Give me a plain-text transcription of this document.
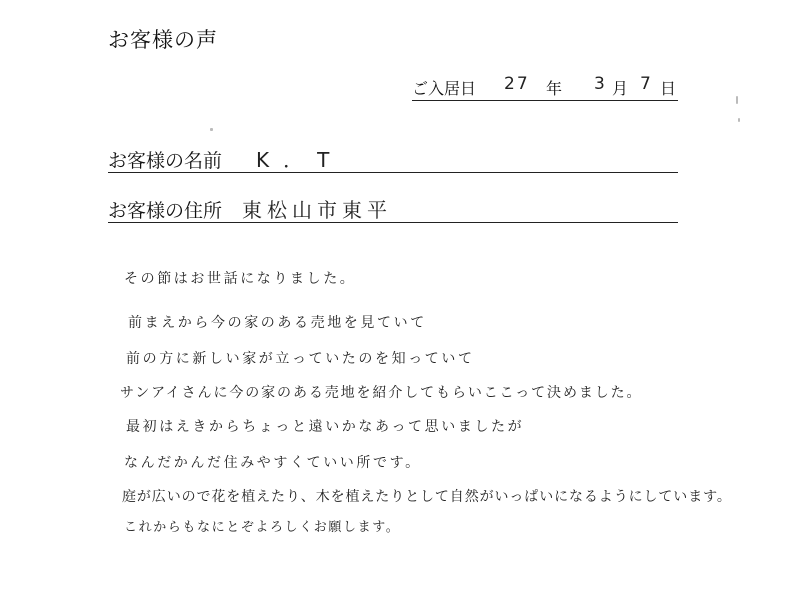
お客様の声
ご入居日 27 年 3 月 7 日
お客様の名前 K．T
お客様の住所 東松山市東平
その節はお世話になりました。
前まえから今の家のある売地を見ていて
前の方に新しい家が立っていたのを知っていて
サンアイさんに今の家のある売地を紹介してもらいここって決めました。
最初はえきからちょっと遠いかなあって思いましたが
なんだかんだ住みやすくていい所です。
庭が広いので花を植えたり、木を植えたりとして自然がいっぱいになるようにしています。
これからもなにとぞよろしくお願します。
